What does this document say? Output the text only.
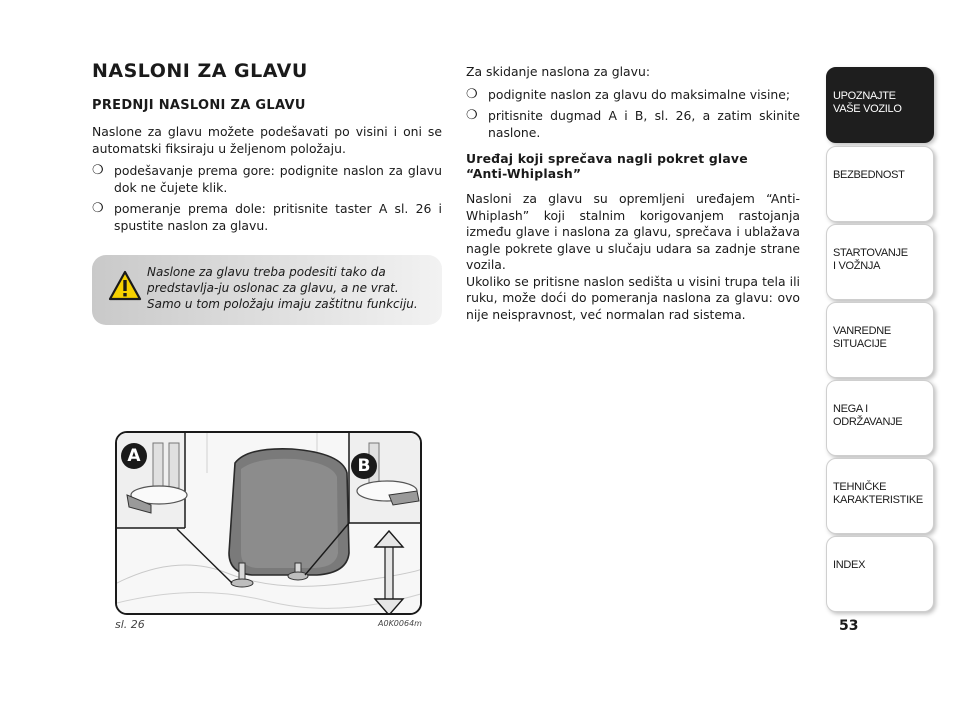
NASLONI ZA GLAVU
PREDNJI NASLONI ZA GLAVU
Naslone za glavu možete podešavati po visini i oni se automatski fiksiraju u željenom položaju.
❍ podešavanje prema gore: podignite naslon za glavu dok ne čujete klik.
❍ pomeranje prema dole: pritisnite taster A sl. 26 i spustite naslon za glavu.
Naslone za glavu treba podesiti tako da predstavlja-ju oslonac za glavu, a ne vrat. Samo u tom položaju imaju zaštitnu funkciju.
Za skidanje naslona za glavu:
❍ podignite naslon za glavu do maksimalne visine;
❍ pritisnite dugmad A i B, sl. 26, a zatim skinite naslone.
Uređaj koji sprečava nagli pokret glave
“Anti-Whiplash”
Nasloni za glavu su opremljeni uređajem “Anti-Whiplash” koji stalnim korigovanjem rastojanja između glave i naslona za glavu, sprečava i ublažava nagle pokrete glave u slučaju udara sa zadnje strane vozila.
Ukoliko se pritisne naslon sedišta u visini trupa tela ili ruku, može doći do pomeranja naslona za glavu: ovo nije neispravnost, već normalan rad sistema.
A	B
sl. 26	A0K0064m
UPOZNAJTE
VAŠE VOZILO
BEZBEDNOST
STARTOVANJE
I VOŽNJA
VANREDNE
SITUACIJE
NEGA I
ODRŽAVANJE
TEHNIČKE
KARAKTERISTIKE
INDEX
53
